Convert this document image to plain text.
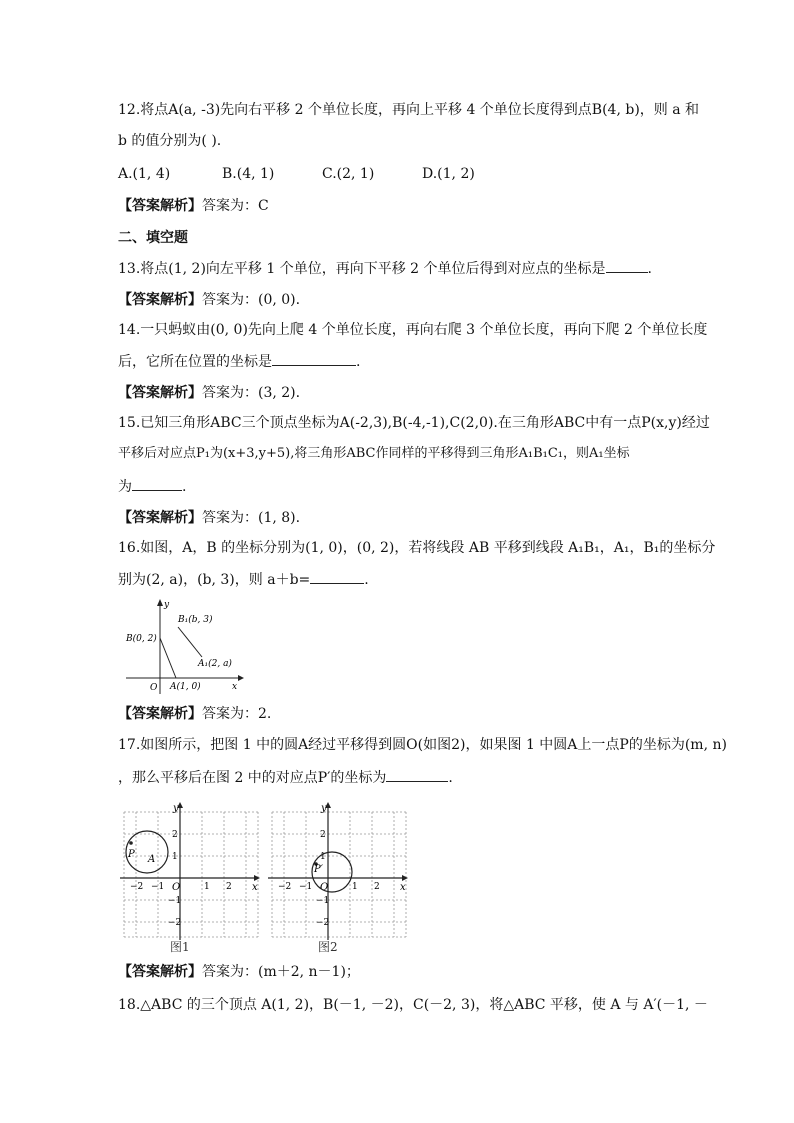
12.将点A(a, -3)先向右平移 2 个单位长度，再向上平移 4 个单位长度得到点B(4, b)，则 a 和
b 的值分别为( ).
A.(1, 4)	B.(4, 1)	C.(2, 1)	D.(1, 2)
【答案解析】答案为：C
二、填空题
13.将点(1, 2)向左平移 1 个单位，再向下平移 2 个单位后得到对应点的坐标是	.
【答案解析】答案为：(0, 0).
14.一只蚂蚁由(0, 0)先向上爬 4 个单位长度，再向右爬 3 个单位长度，再向下爬 2 个单位长度
后，它所在位置的坐标是	.
【答案解析】答案为：(3, 2).
15.已知三角形ABC三个顶点坐标为A(-2,3),B(-4,-1),C(2,0).在三角形ABC中有一点P(x,y)经过
平移后对应点P₁为(x+3,y+5),将三角形ABC作同样的平移得到三角形A₁B₁C₁，则A₁坐标
为	.
【答案解析】答案为：(1, 8).
16.如图，A，B 的坐标分别为(1, 0)，(0, 2)，若将线段 AB 平移到线段 A₁B₁，A₁，B₁的坐标分
别为(2, a)，(b, 3)，则 a＋b=	.
y
x
O
B(0, 2)
A(1, 0)
B₁(b, 3)
A₁(2, a)
【答案解析】答案为：2.
17.如图所示，把图 1 中的圆A经过平移得到圆O(如图2)，如果图 1 中圆A上一点P的坐标为(m, n)
，那么平移后在图 2 中的对应点P′的坐标为	.
y
x
O
−2 −1	1 2
2
1
−1
−2
P A
图1
y
x
O
−2 −1	1 2
2
1
−1
−2
P′
图2
【答案解析】答案为：(m＋2, n－1)；
18.△ABC 的三个顶点 A(1, 2)，B(－1, －2)，C(－2, 3)，将△ABC 平移，使 A 与 A′(－1, －
